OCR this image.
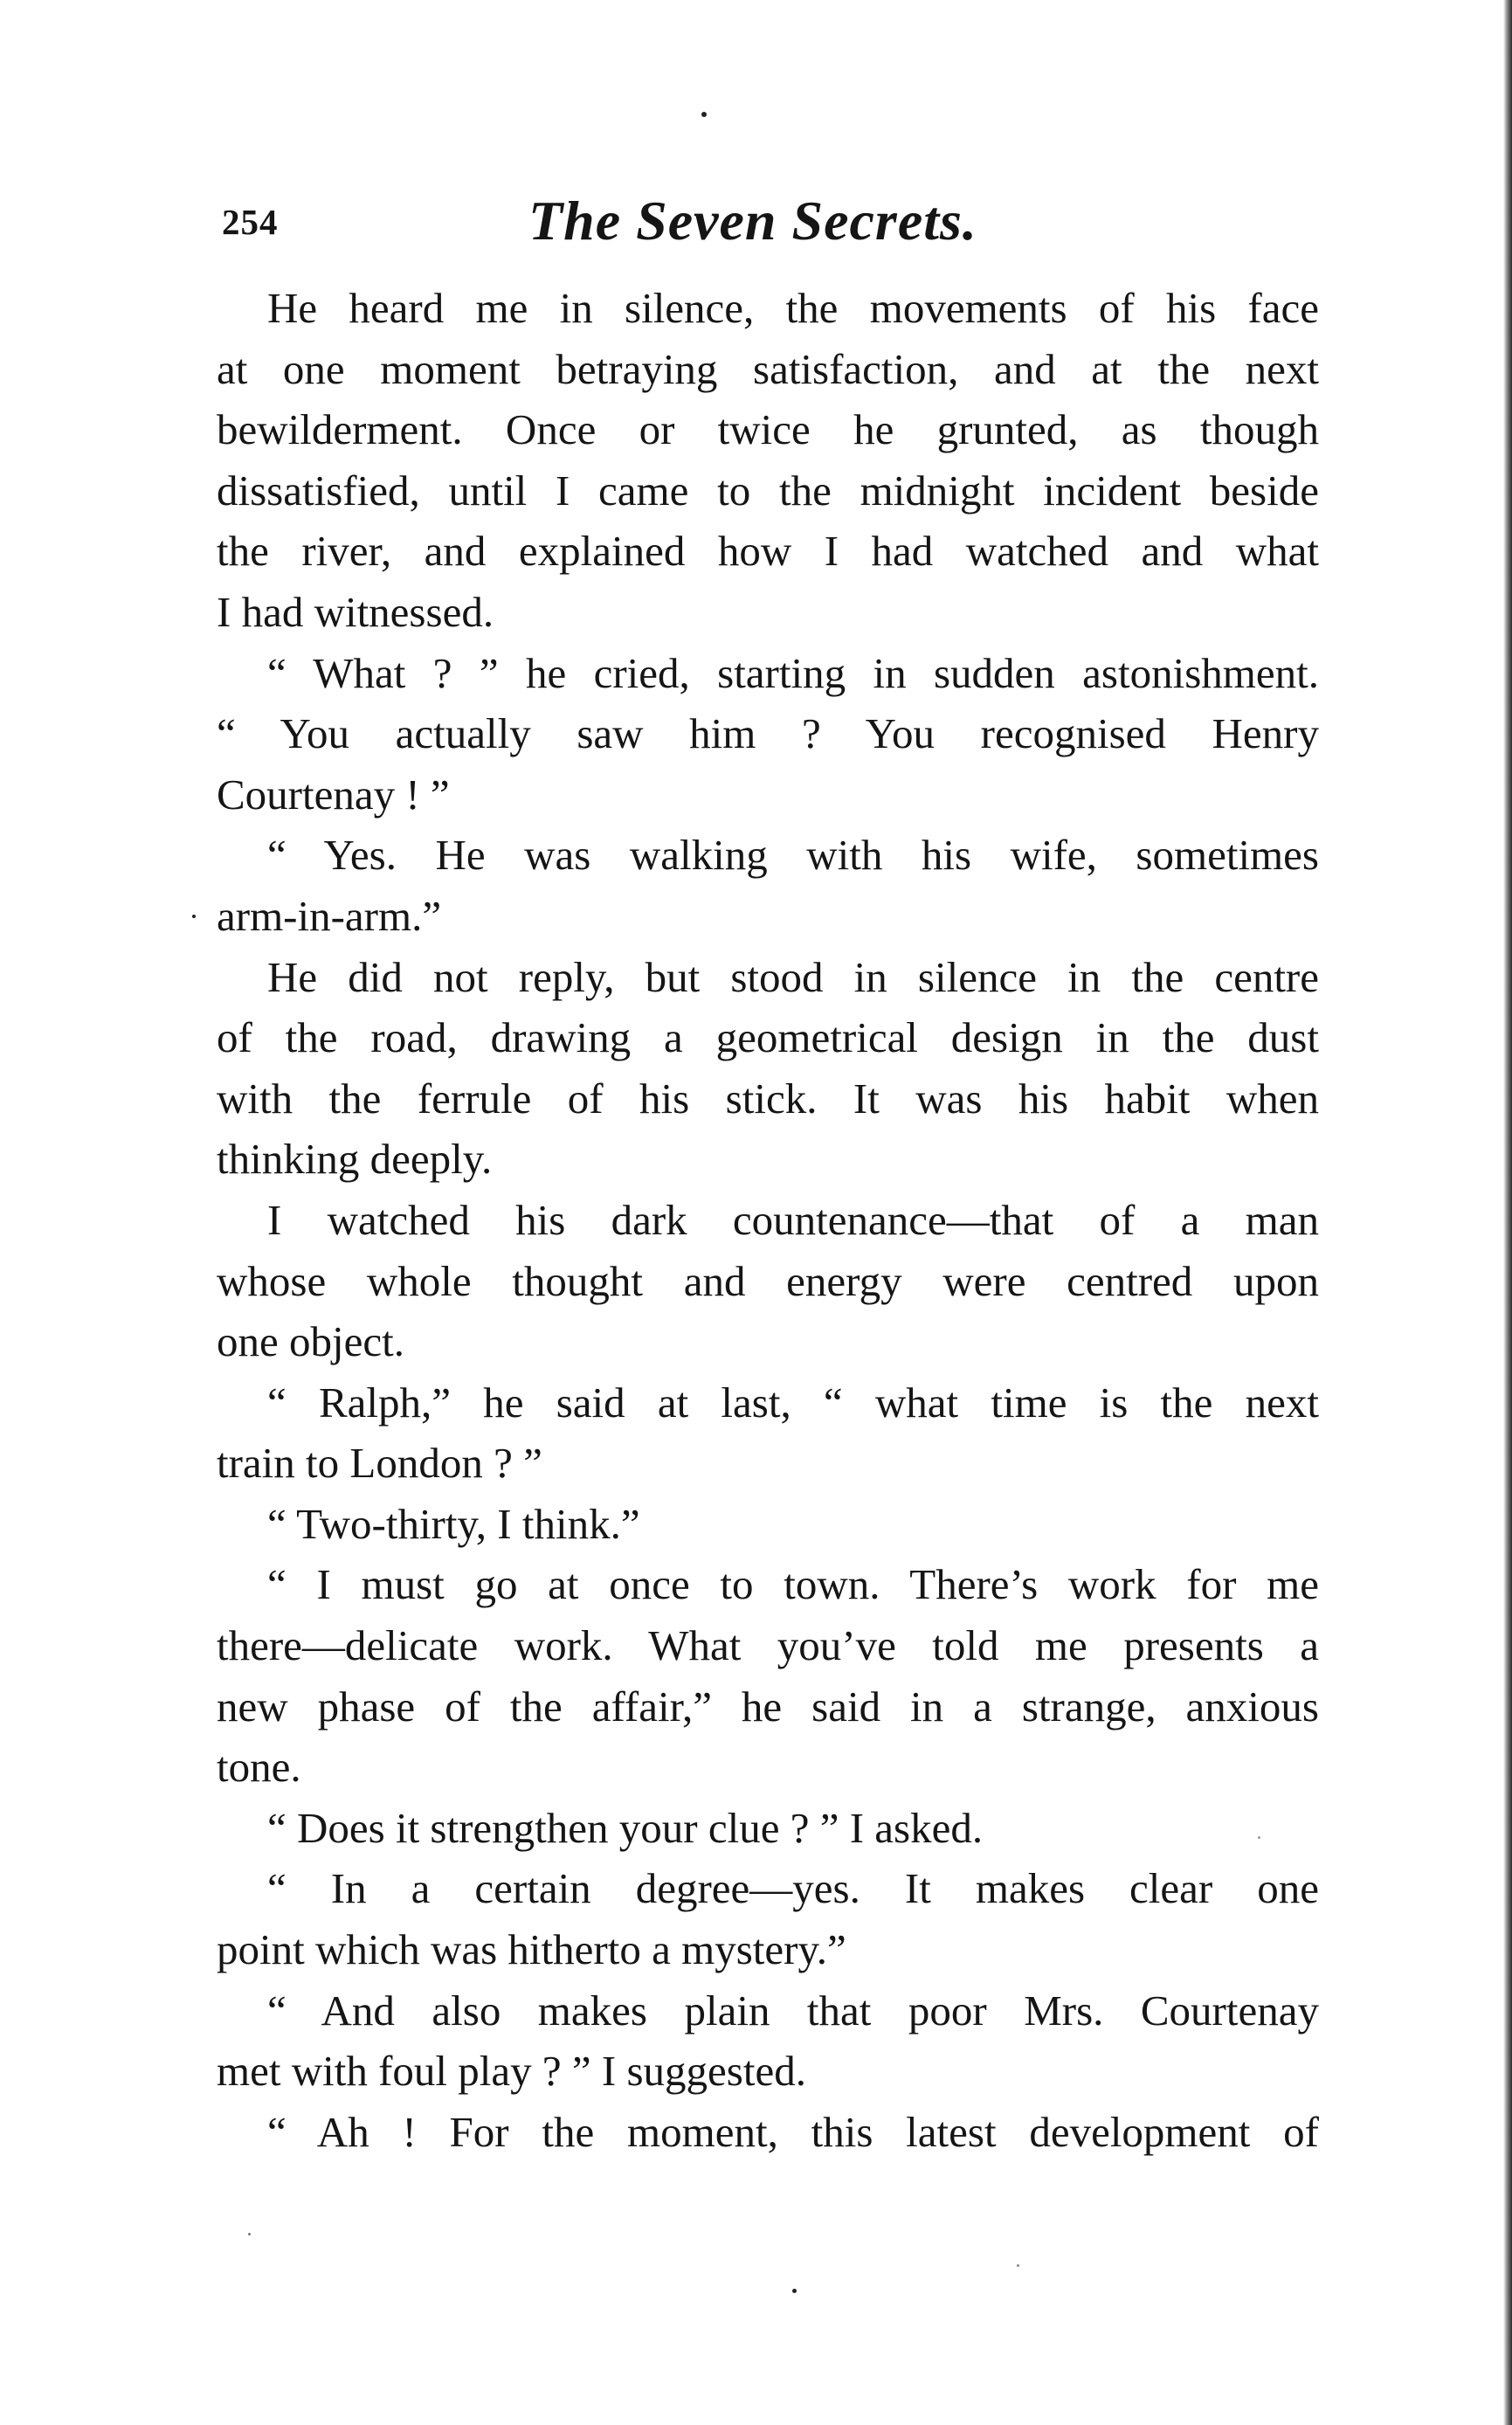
254	The Seven Secrets.
He heard me in silence, the movements of his face
at one moment betraying satisfaction, and at the next
bewilderment. Once or twice he grunted, as though
dissatisfied, until I came to the midnight incident beside
the river, and explained how I had watched and what
I had witnessed.
“ What ? ” he cried, starting in sudden astonishment.
“ You actually saw him ? You recognised Henry
Courtenay ! ”
“ Yes. He was walking with his wife, sometimes
arm-in-arm.”
He did not reply, but stood in silence in the centre
of the road, drawing a geometrical design in the dust
with the ferrule of his stick. It was his habit when
thinking deeply.
I watched his dark countenance—that of a man
whose whole thought and energy were centred upon
one object.
“ Ralph,” he said at last, “ what time is the next
train to London ? ”
“ Two-thirty, I think.”
“ I must go at once to town. There’s work for me
there—delicate work. What you’ve told me presents a
new phase of the affair,” he said in a strange, anxious
tone.
“ Does it strengthen your clue ? ” I asked.
“ In a certain degree—yes. It makes clear one
point which was hitherto a mystery.”
“ And also makes plain that poor Mrs. Courtenay
met with foul play ? ” I suggested.
“ Ah ! For the moment, this latest development of
